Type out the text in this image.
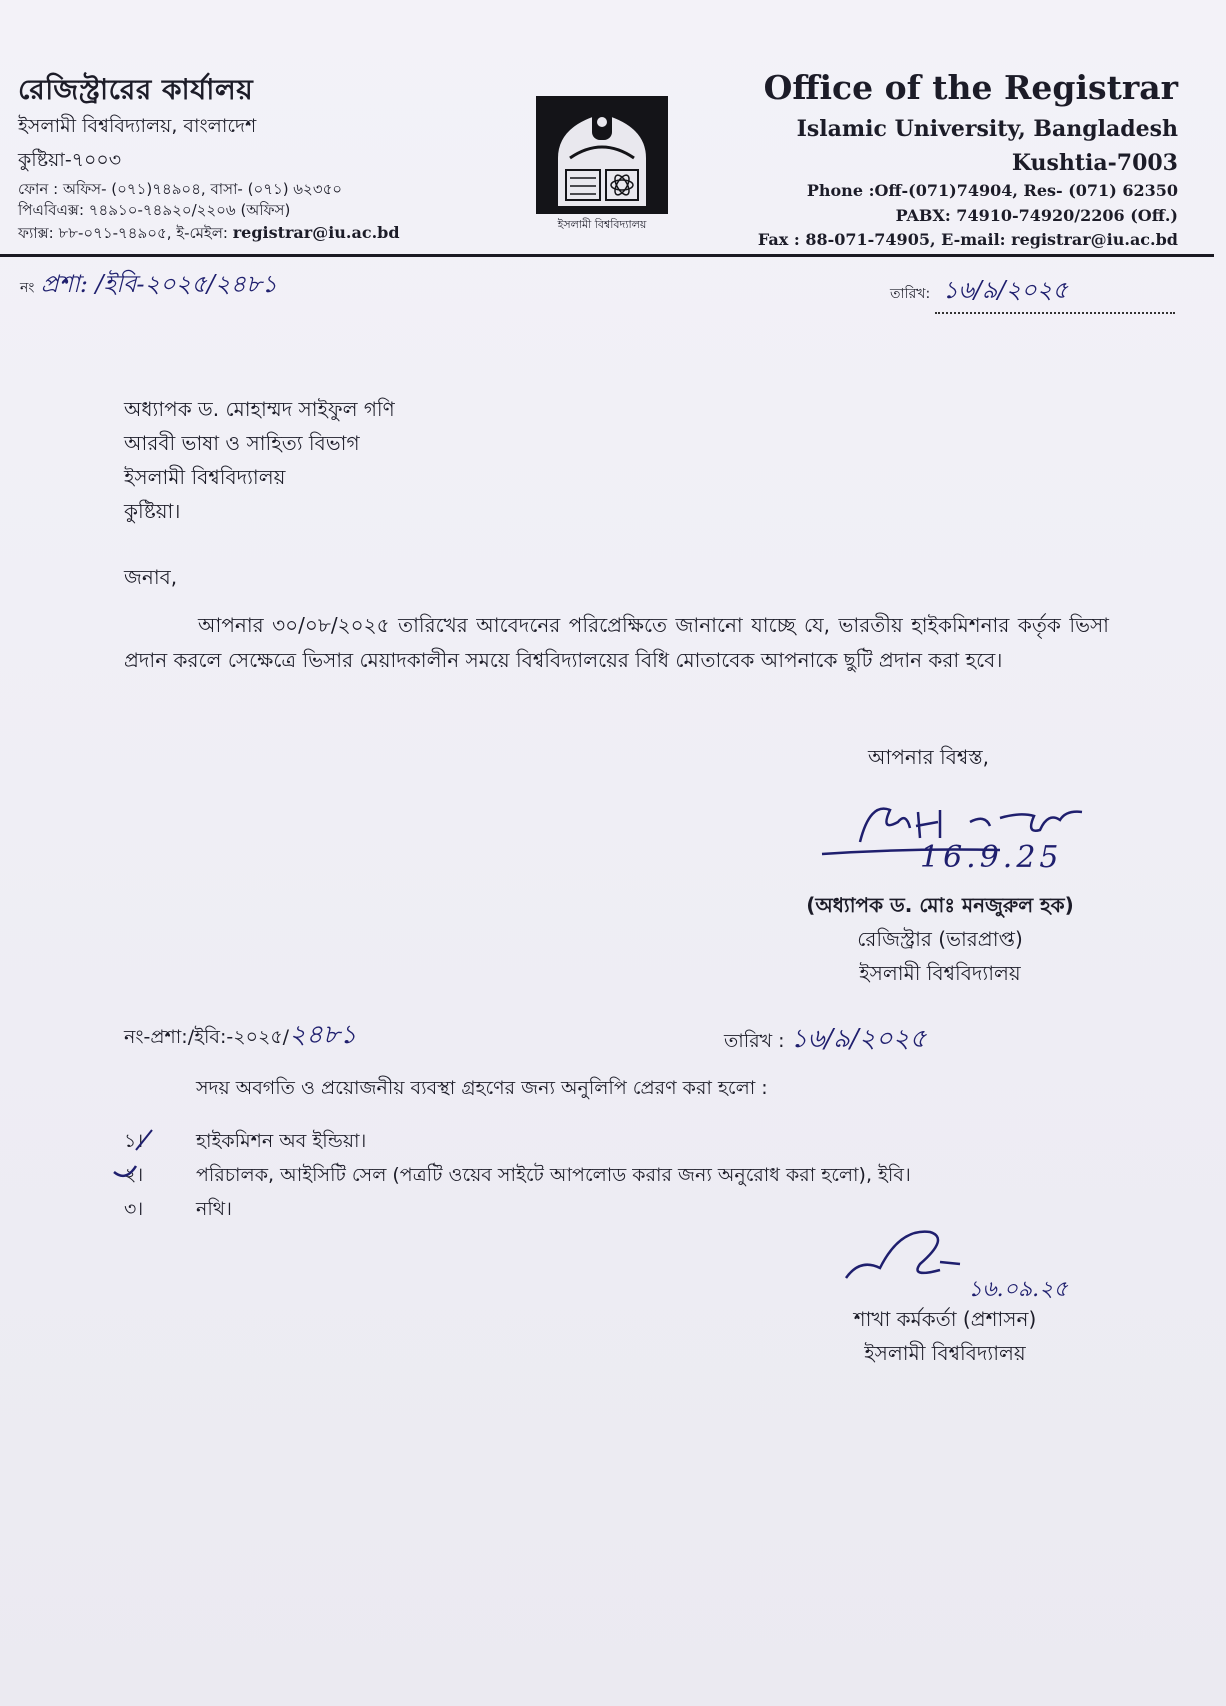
রেজিস্ট্রারের কার্যালয়
ইসলামী বিশ্ববিদ্যালয়, বাংলাদেশ
কুষ্টিয়া-৭০০৩
ফোন : অফিস- (০৭১)৭৪৯০৪, বাসা- (০৭১) ৬২৩৫০
পিএবিএক্স: ৭৪৯১০-৭৪৯২০/২২০৬ (অফিস)
ফ্যাক্স: ৮৮-০৭১-৭৪৯০৫, ই-মেইল: registrar@iu.ac.bd	ইসলামী বিশ্ববিদ্যালয়
Office of the Registrar
Islamic University, Bangladesh
Kushtia-7003
Phone :Off-(071)74904, Res- (071) 62350
PABX: 74910-74920/2206 (Off.)
Fax : 88-071-74905, E-mail: registrar@iu.ac.bd
নং প্রশা: /ইবি-২০২৫/২৪৮১	তারিখ: ১৬/৯/২০২৫
অধ্যাপক ড. মোহাম্মদ সাইফুল গণি
আরবী ভাষা ও সাহিত্য বিভাগ
ইসলামী বিশ্ববিদ্যালয়
কুষ্টিয়া।
জনাব,
আপনার ৩০/০৮/২০২৫ তারিখের আবেদনের পরিপ্রেক্ষিতে জানানো যাচ্ছে যে, ভারতীয় হাইকমিশনার কর্তৃক ভিসা প্রদান করলে সেক্ষেত্রে ভিসার মেয়াদকালীন সময়ে বিশ্ববিদ্যালয়ের বিধি মোতাবেক আপনাকে ছুটি প্রদান করা হবে।
আপনার বিশ্বস্ত,
16.9.25
(অধ্যাপক ড. মোঃ মনজুরুল হক)
রেজিস্ট্রার (ভারপ্রাপ্ত)
ইসলামী বিশ্ববিদ্যালয়
নং-প্রশা:/ইবি:-২০২৫/২৪৮১	তারিখ : ১৬/৯/২০২৫
সদয় অবগতি ও প্রয়োজনীয় ব্যবস্থা গ্রহণের জন্য অনুলিপি প্রেরণ করা হলো :
১।	হাইকমিশন অব ইন্ডিয়া।
২।	পরিচালক, আইসিটি সেল (পত্রটি ওয়েব সাইটে আপলোড করার জন্য অনুরোধ করা হলো), ইবি।
৩।	নথি।
১৬.০৯.২৫
শাখা কর্মকর্তা (প্রশাসন)
ইসলামী বিশ্ববিদ্যালয়
